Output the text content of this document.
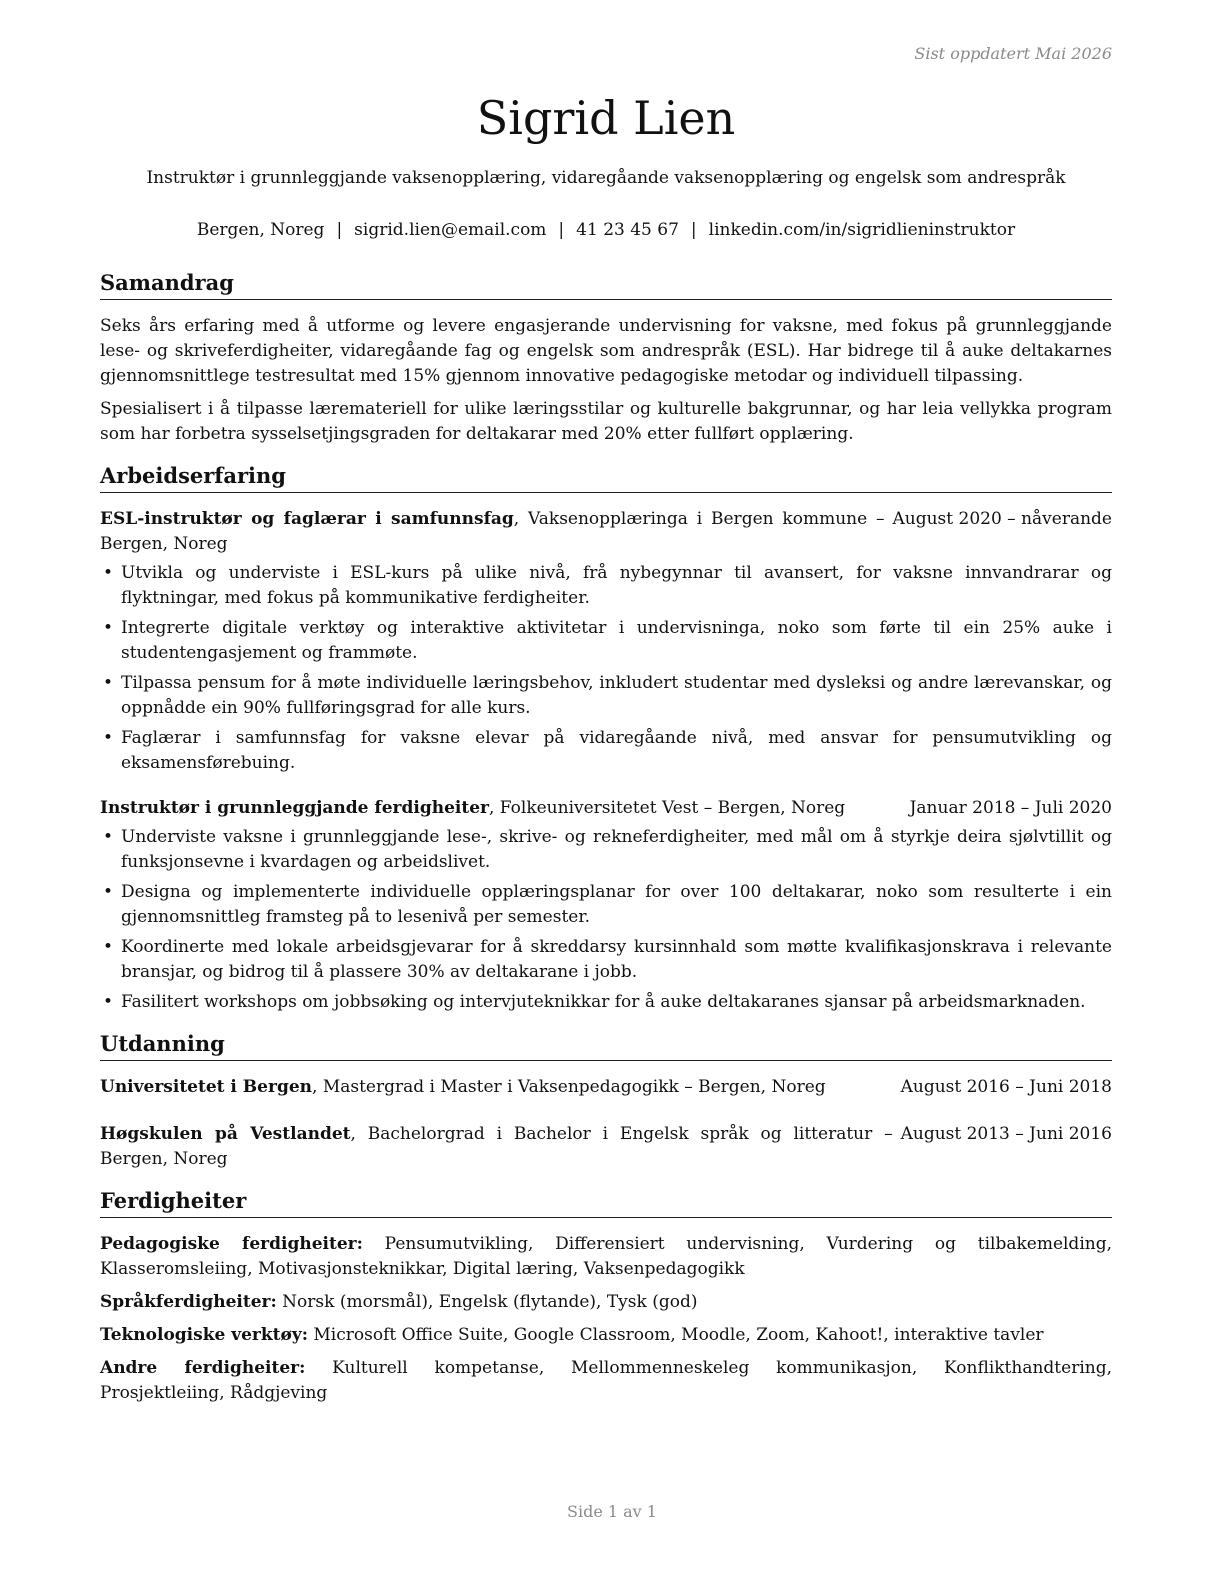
Sist oppdatert Mai 2026
Sigrid Lien
Instruktør i grunnleggjande vaksenopplæring, vidaregåande vaksenopplæring og engelsk som andrespråk
Bergen, Noreg | sigrid.lien@email.com | 41 23 45 67 | linkedin.com/in/sigridlieninstruktor
Samandrag

Seks års erfaring med å utforme og levere engasjerande undervisning for vaksne, med fokus på grunnleggjande lese- og skriveferdigheiter, vidaregåande fag og engelsk som andrespråk (ESL). Har bidrege til å auke deltakarnes gjennomsnittlege testresultat med 15% gjennom innovative pedagogiske metodar og individuell tilpassing.

Spesialisert i å tilpasse læremateriell for ulike læringsstilar og kulturelle bakgrunnar, og har leia vellykka program som har forbetra sysselsetjingsgraden for deltakarar med 20% etter fullført opplæring.

Arbeidserfaring
ESL-instruktør og faglærar i samfunnsfag, Vaksenopplæringa i Bergen kommune – Bergen, Noreg
August 2020 – nåverande
• Utvikla og underviste i ESL-kurs på ulike nivå, frå nybegynnar til avansert, for vaksne innvandrarar og flyktningar, med fokus på kommunikative ferdigheiter.
• Integrerte digitale verktøy og interaktive aktivitetar i undervisninga, noko som førte til ein 25% auke i studentengasjement og frammøte.
• Tilpassa pensum for å møte individuelle læringsbehov, inkludert studentar med dysleksi og andre lærevanskar, og oppnådde ein 90% fullføringsgrad for alle kurs.
• Faglærar i samfunnsfag for vaksne elevar på vidaregåande nivå, med ansvar for pensumutvikling og eksamensførebuing.
Instruktør i grunnleggjande ferdigheiter, Folkeuniversitetet Vest – Bergen, Noreg	Januar 2018 – Juli 2020
• Underviste vaksne i grunnleggjande lese-, skrive- og rekneferdigheiter, med mål om å styrkje deira sjølvtillit og funksjonsevne i kvardagen og arbeidslivet.
• Designa og implementerte individuelle opplæringsplanar for over 100 deltakarar, noko som resulterte i ein gjennomsnittleg framsteg på to lesenivå per semester.
• Koordinerte med lokale arbeidsgjevarar for å skreddarsy kursinnhald som møtte kvalifikasjonskrava i relevante bransjar, og bidrog til å plassere 30% av deltakarane i jobb.
• Fasilitert workshops om jobbsøking og intervjuteknikkar for å auke deltakaranes sjansar på arbeidsmarknaden.
Utdanning
Universitetet i Bergen, Mastergrad i Master i Vaksenpedagogikk – Bergen, Noreg	August 2016 – Juni 2018
Høgskulen på Vestlandet, Bachelorgrad i Bachelor i Engelsk språk og litteratur – Bergen, Noreg
August 2013 – Juni 2016
Ferdigheiter
Pedagogiske ferdigheiter: Pensumutvikling, Differensiert undervisning, Vurdering og tilbakemelding, Klasseromsleiing, Motivasjonsteknikkar, Digital læring, Vaksenpedagogikk
Språkferdigheiter: Norsk (morsmål), Engelsk (flytande), Tysk (god)
Teknologiske verktøy: Microsoft Office Suite, Google Classroom, Moodle, Zoom, Kahoot!, interaktive tavler
Andre ferdigheiter: Kulturell kompetanse, Mellommenneskeleg kommunikasjon, Konflikthandtering, Prosjektleiing, Rådgjeving
Side 1 av 1
